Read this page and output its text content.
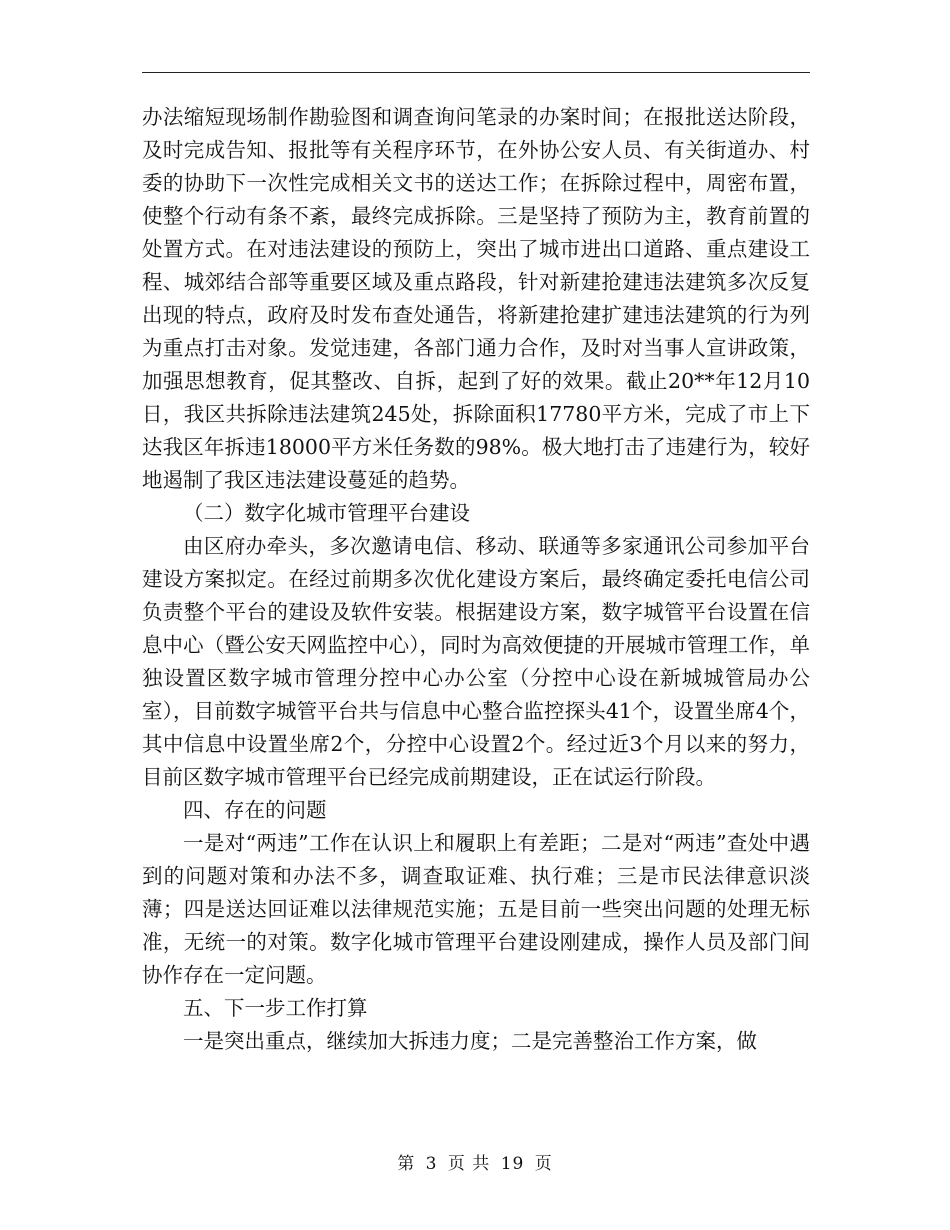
办法缩短现场制作勘验图和调查询问笔录的办案时间；在报批送达阶段，及时完成告知、报批等有关程序环节，在外协公安人员、有关街道办、村委的协助下一次性完成相关文书的送达工作；在拆除过程中，周密布置，使整个行动有条不紊，最终完成拆除。三是坚持了预防为主，教育前置的处置方式。在对违法建设的预防上，突出了城市进出口道路、重点建设工程、城郊结合部等重要区域及重点路段，针对新建抢建违法建筑多次反复出现的特点，政府及时发布查处通告，将新建抢建扩建违法建筑的行为列为重点打击对象。发觉违建，各部门通力合作，及时对当事人宣讲政策，加强思想教育，促其整改、自拆，起到了好的效果。截止20**年12月10日，我区共拆除违法建筑245处，拆除面积17780平方米，完成了市上下达我区年拆违18000平方米任务数的98%。极大地打击了违建行为，较好地遏制了我区违法建设蔓延的趋势。

（二）数字化城市管理平台建设

由区府办牵头，多次邀请电信、移动、联通等多家通讯公司参加平台建设方案拟定。在经过前期多次优化建设方案后，最终确定委托电信公司负责整个平台的建设及软件安装。根据建设方案，数字城管平台设置在信息中心（暨公安天网监控中心），同时为高效便捷的开展城市管理工作，单独设置区数字城市管理分控中心办公室（分控中心设在新城城管局办公室），目前数字城管平台共与信息中心整合监控探头41个，设置坐席4个，其中信息中设置坐席2个，分控中心设置2个。经过近3个月以来的努力，目前区数字城市管理平台已经完成前期建设，正在试运行阶段。

四、存在的问题

一是对“两违”工作在认识上和履职上有差距；二是对“两违”查处中遇到的问题对策和办法不多，调查取证难、执行难；三是市民法律意识淡薄；四是送达回证难以法律规范实施；五是目前一些突出问题的处理无标准，无统一的对策。数字化城市管理平台建设刚建成，操作人员及部门间协作存在一定问题。

五、下一步工作打算

一是突出重点，继续加大拆违力度；二是完善整治工作方案，做

第 3 页 共 19 页
